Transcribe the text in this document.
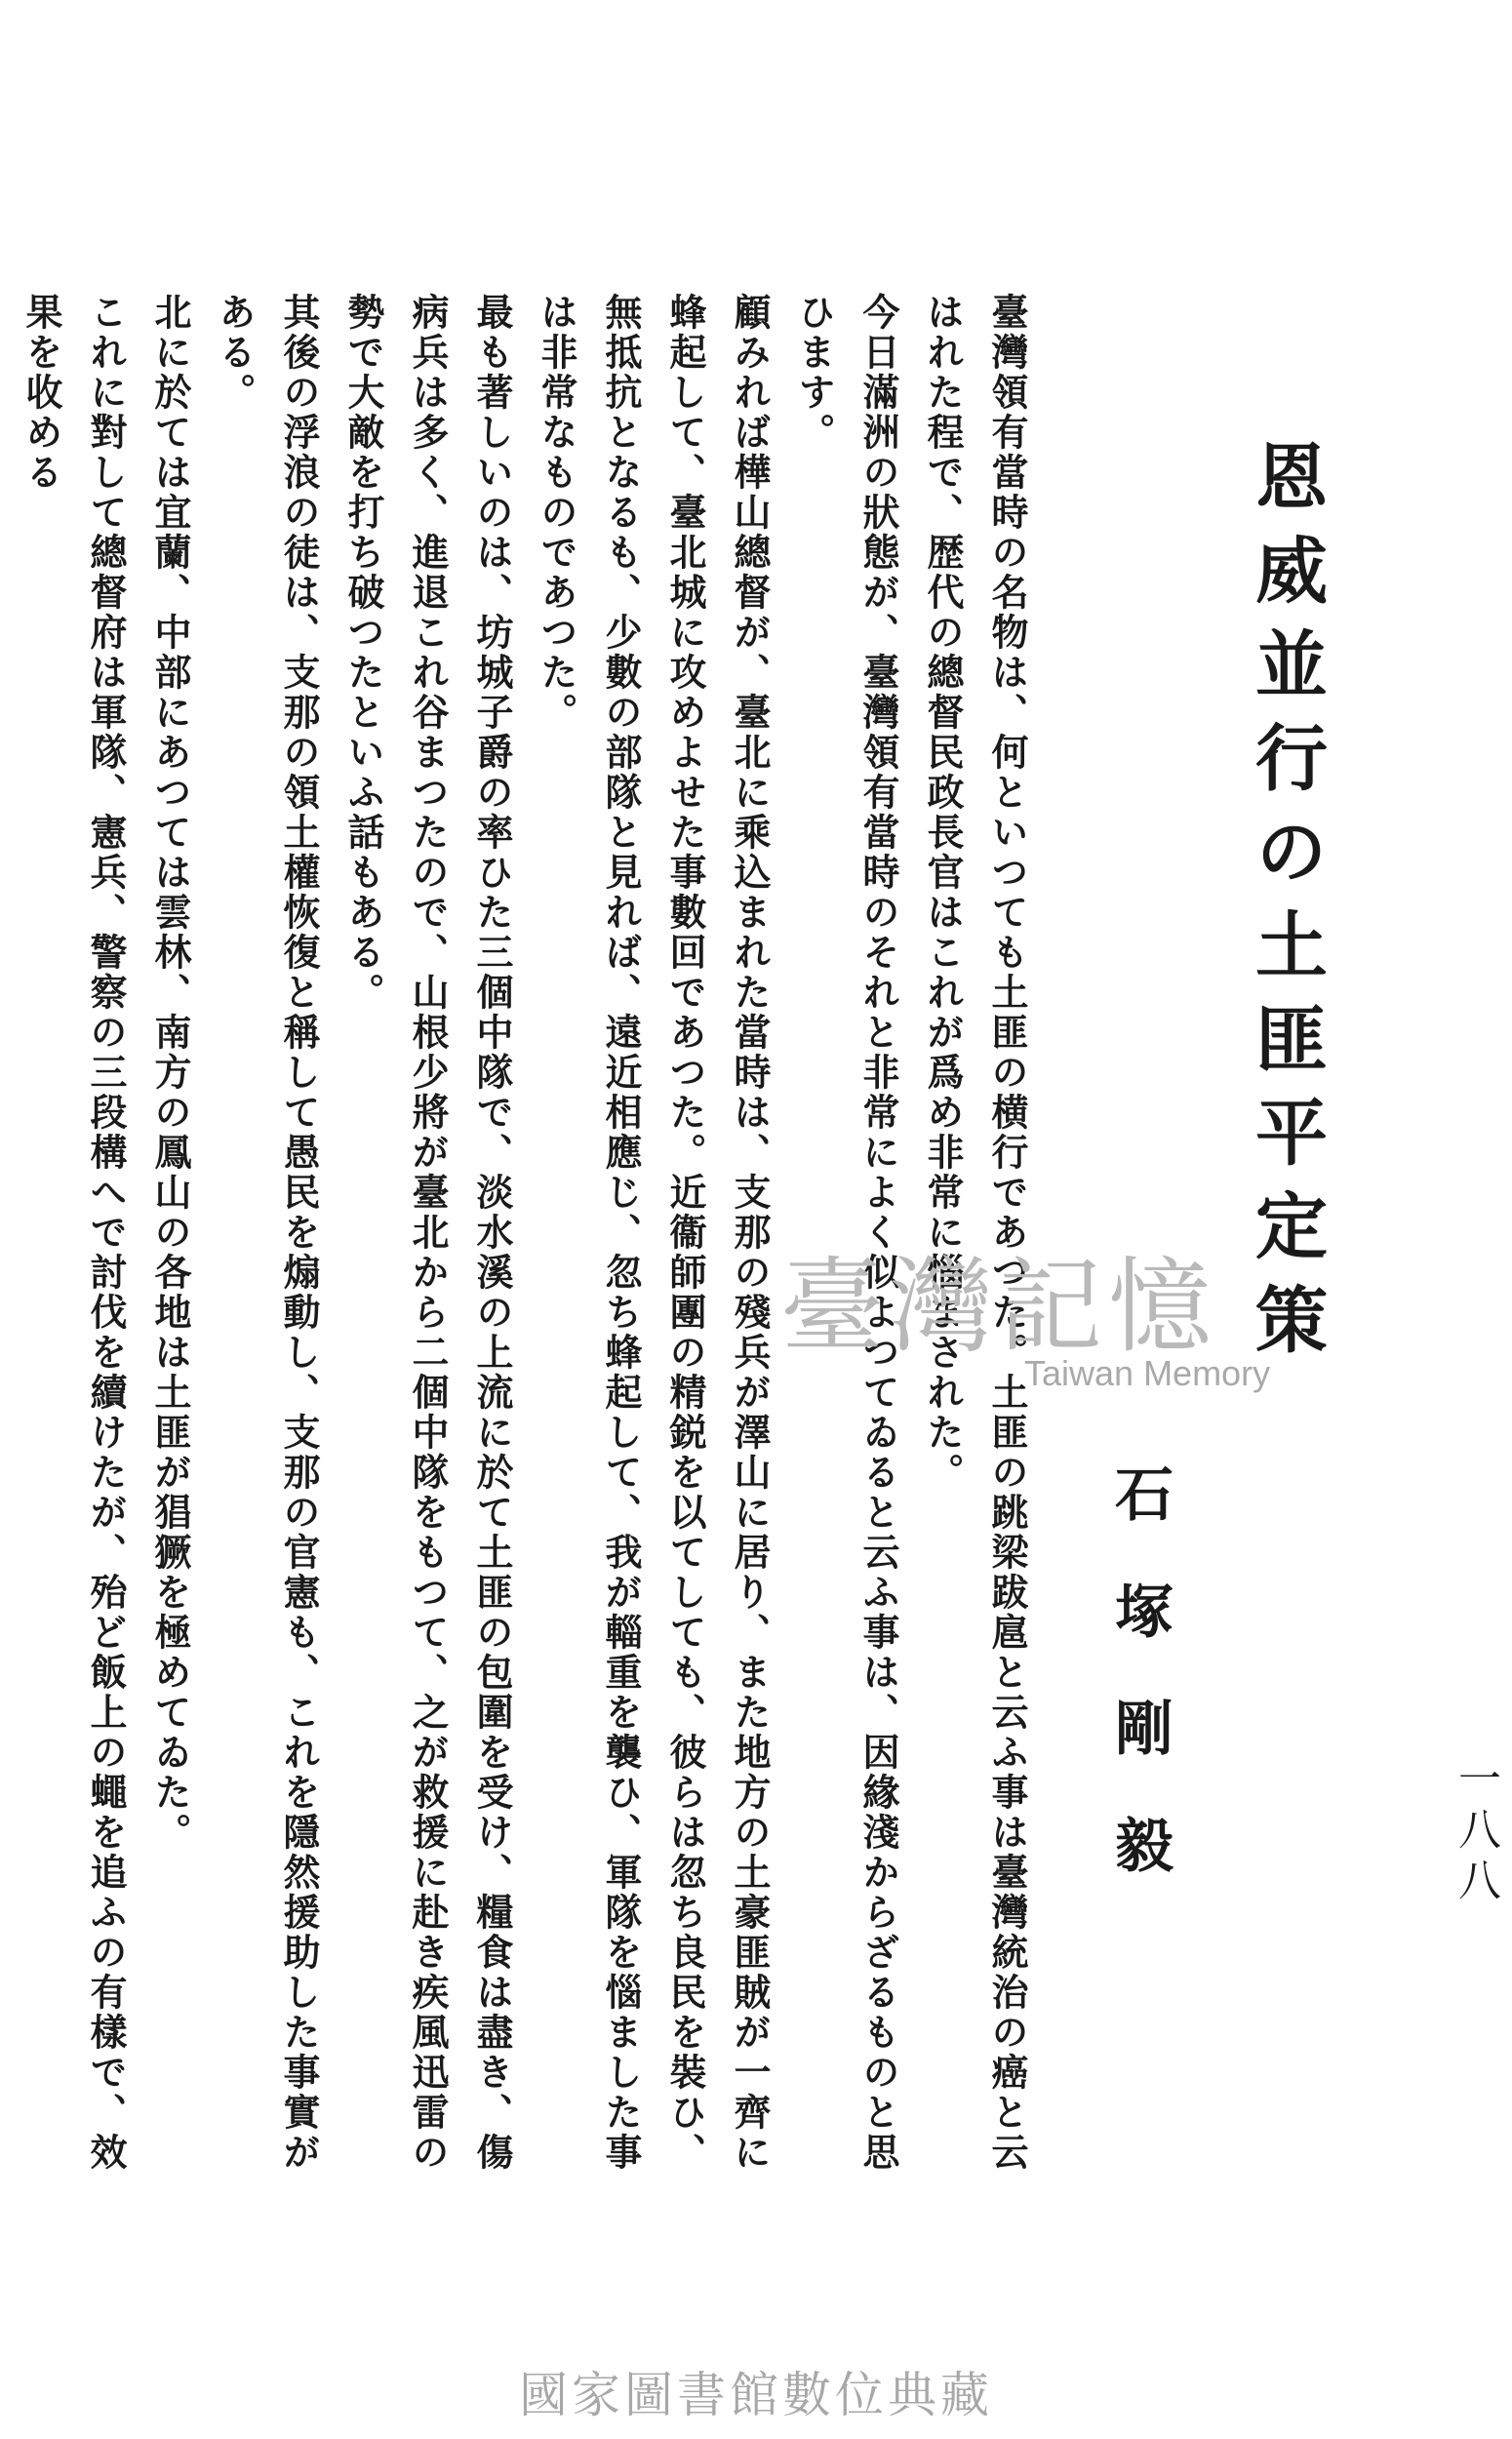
恩威並行の土匪平定策
石塚剛毅	一八八

臺灣領有當時の名物は、何といつても土匪の横行であつた。土匪の跳梁跋扈と云ふ事は臺灣統治の癌と云はれた程で、歴代の總督民政長官はこれが爲め非常に惱まされた。

今日滿洲の狀態が、臺灣領有當時のそれと非常によく似よつてゐると云ふ事は、因緣淺からざるものと思ひます。

顧みれば樺山總督が、臺北に乘込まれた當時は、支那の殘兵が澤山に居り、また地方の土豪匪賊が一齊に蜂起して、臺北城に攻めよせた事數回であつた。近衞師團の精鋭を以てしても、彼らは忽ち良民を裝ひ、無抵抗となるも、少數の部隊と見れば、遠近相應じ、忽ち蜂起して、我が輜重を襲ひ、軍隊を惱ました事は非常なものであつた。

最も著しいのは、坊城子爵の率ひた三個中隊で、淡水溪の上流に於て土匪の包圍を受け、糧食は盡き、傷病兵は多く、進退これ谷まつたので、山根少將が臺北から二個中隊をもつて、之が救援に赴き疾風迅雷の勢で大敵を打ち破つたといふ話もある。

其後の浮浪の徒は、支那の領土權恢復と稱して愚民を煽動し、支那の官憲も、これを隱然援助した事實がある。

北に於ては宜蘭、中部にあつては雲林、南方の鳳山の各地は土匪が猖獗を極めてゐた。

これに對して總督府は軍隊、憲兵、警察の三段構へで討伐を續けたが、殆ど飯上の蠅を追ふの有樣で、效果を收める

臺灣記憶
Taiwan Memory
國家圖書館數位典藏
